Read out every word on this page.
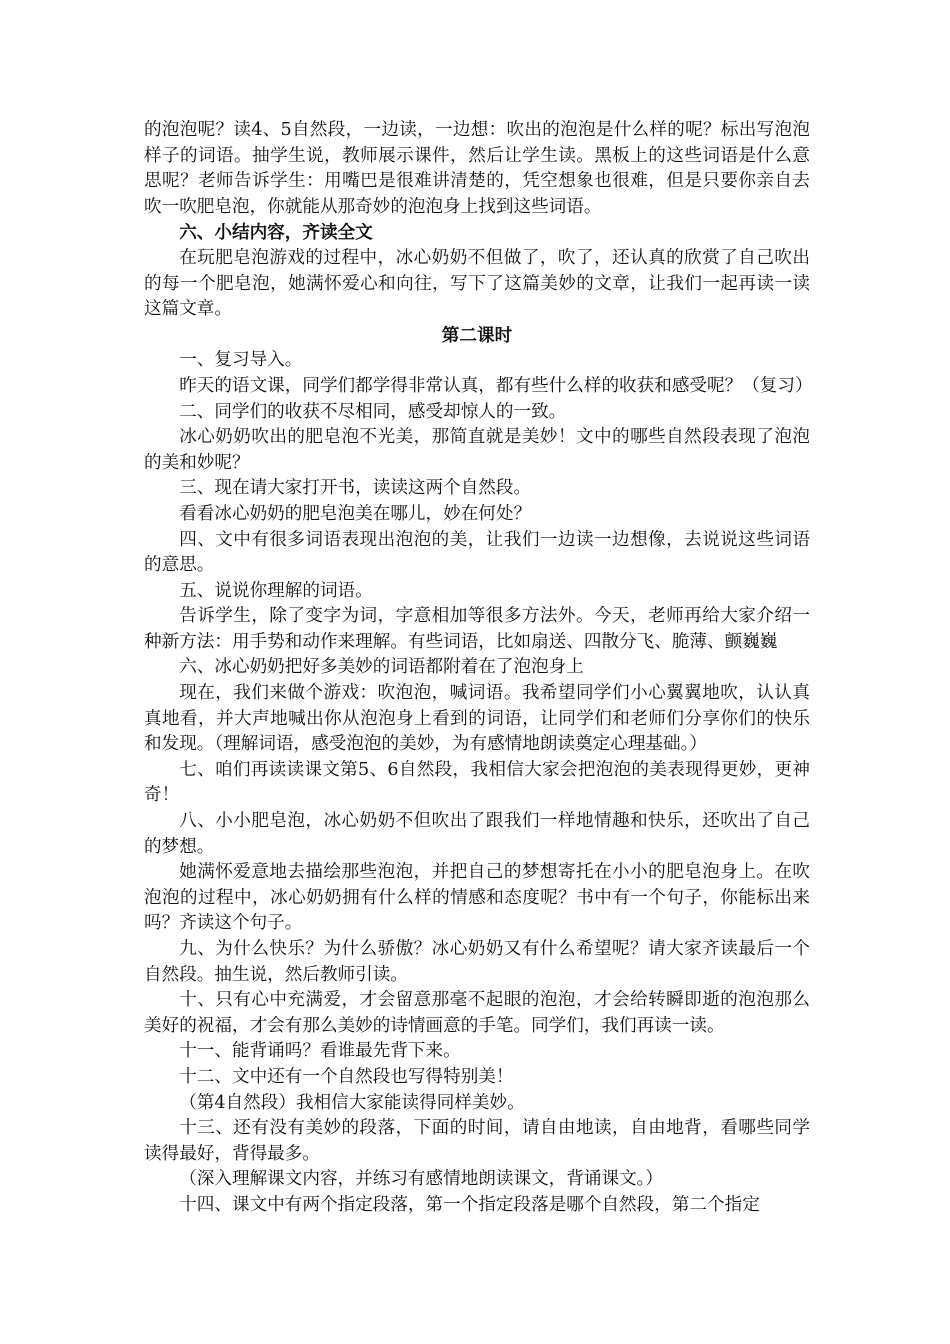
的泡泡呢？读4、5自然段，一边读，一边想：吹出的泡泡是什么样的呢？标出写泡泡样子的词语。抽学生说，教师展示课件，然后让学生读。黑板上的这些词语是什么意思呢？老师告诉学生：用嘴巴是很难讲清楚的，凭空想象也很难，但是只要你亲自去吹一吹肥皂泡，你就能从那奇妙的泡泡身上找到这些词语。

六、小结内容，齐读全文

在玩肥皂泡游戏的过程中，冰心奶奶不但做了，吹了，还认真的欣赏了自己吹出的每一个肥皂泡，她满怀爱心和向往，写下了这篇美妙的文章，让我们一起再读一读这篇文章。

第二课时

一、复习导入。

昨天的语文课，同学们都学得非常认真，都有些什么样的收获和感受呢？（复习）

二、同学们的收获不尽相同，感受却惊人的一致。

冰心奶奶吹出的肥皂泡不光美，那简直就是美妙！文中的哪些自然段表现了泡泡的美和妙呢？

三、现在请大家打开书，读读这两个自然段。

看看冰心奶奶的肥皂泡美在哪儿，妙在何处？

四、文中有很多词语表现出泡泡的美，让我们一边读一边想像，去说说这些词语的意思。

五、说说你理解的词语。

告诉学生，除了变字为词，字意相加等很多方法外。今天，老师再给大家介绍一种新方法：用手势和动作来理解。有些词语，比如扇送、四散分飞、脆薄、颤巍巍

六、冰心奶奶把好多美妙的词语都附着在了泡泡身上

现在，我们来做个游戏：吹泡泡，喊词语。我希望同学们小心翼翼地吹，认认真真地看，并大声地喊出你从泡泡身上看到的词语，让同学们和老师们分享你们的快乐和发现。（理解词语，感受泡泡的美妙，为有感情地朗读奠定心理基础。）

七、咱们再读读课文第5、6自然段，我相信大家会把泡泡的美表现得更妙，更神奇！

八、小小肥皂泡，冰心奶奶不但吹出了跟我们一样地情趣和快乐，还吹出了自己的梦想。

她满怀爱意地去描绘那些泡泡，并把自己的梦想寄托在小小的肥皂泡身上。在吹泡泡的过程中，冰心奶奶拥有什么样的情感和态度呢？书中有一个句子，你能标出来吗？齐读这个句子。

九、为什么快乐？为什么骄傲？冰心奶奶又有什么希望呢？请大家齐读最后一个自然段。抽生说，然后教师引读。

十、只有心中充满爱，才会留意那毫不起眼的泡泡，才会给转瞬即逝的泡泡那么美好的祝福，才会有那么美妙的诗情画意的手笔。同学们，我们再读一读。

十一、能背诵吗？看谁最先背下来。

十二、文中还有一个自然段也写得特别美！

（第4自然段）我相信大家能读得同样美妙。

十三、还有没有美妙的段落，下面的时间，请自由地读，自由地背，看哪些同学读得最好，背得最多。

（深入理解课文内容，并练习有感情地朗读课文，背诵课文。）

十四、课文中有两个指定段落，第一个指定段落是哪个自然段，第二个指定
